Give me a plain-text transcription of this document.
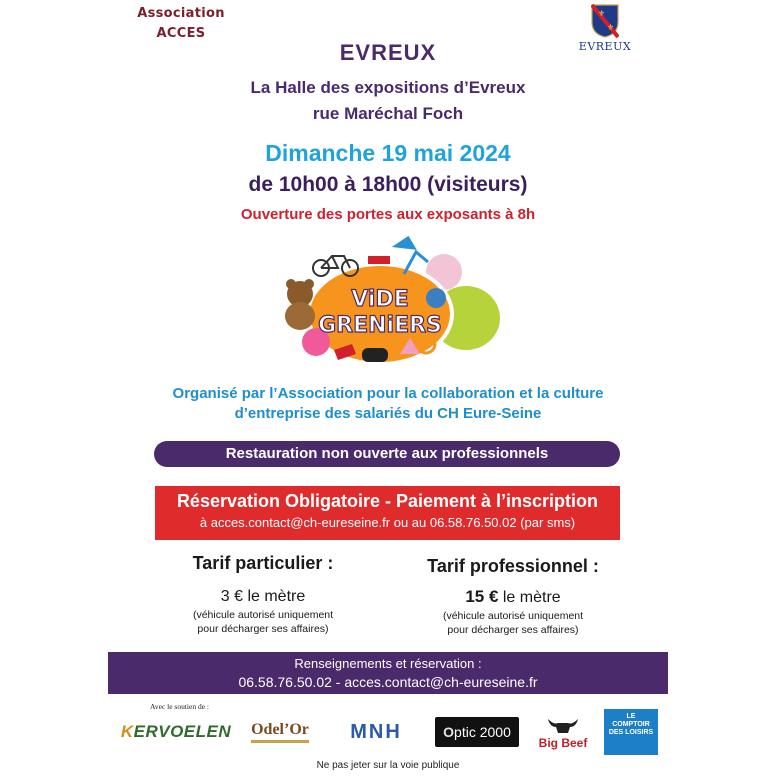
Association
ACCES
⚜
⚜
EVREUX
EVREUX
La Halle des expositions d’Evreux
rue Maréchal Foch
Dimanche 19 mai 2024
de 10h00 à 18h00 (visiteurs)
Ouverture des portes aux exposants à 8h
ViDE
GRENiERS
Organisé par l’Association pour la collaboration et la culture
d’entreprise des salariés du CH Eure-Seine
Restauration non ouverte aux professionnels
Réservation Obligatoire - Paiement à l’inscription
à acces.contact@ch-eureseine.fr ou au 06.58.76.50.02 (par sms)
Tarif particulier :
3 € le mètre
(véhicule autorisé uniquement
pour décharger ses affaires)
Tarif professionnel :
15 € le mètre
(véhicule autorisé uniquement
pour décharger ses affaires)
Renseignements et réservation :
06.58.76.50.02 - acces.contact@ch-eureseine.fr
Avec le soutien de :
KERVOELEN Odel’Or MNH	Optic 2000
Big Beef
LE COMPTOIR DES LOISIRS
Ne pas jeter sur la voie publique
